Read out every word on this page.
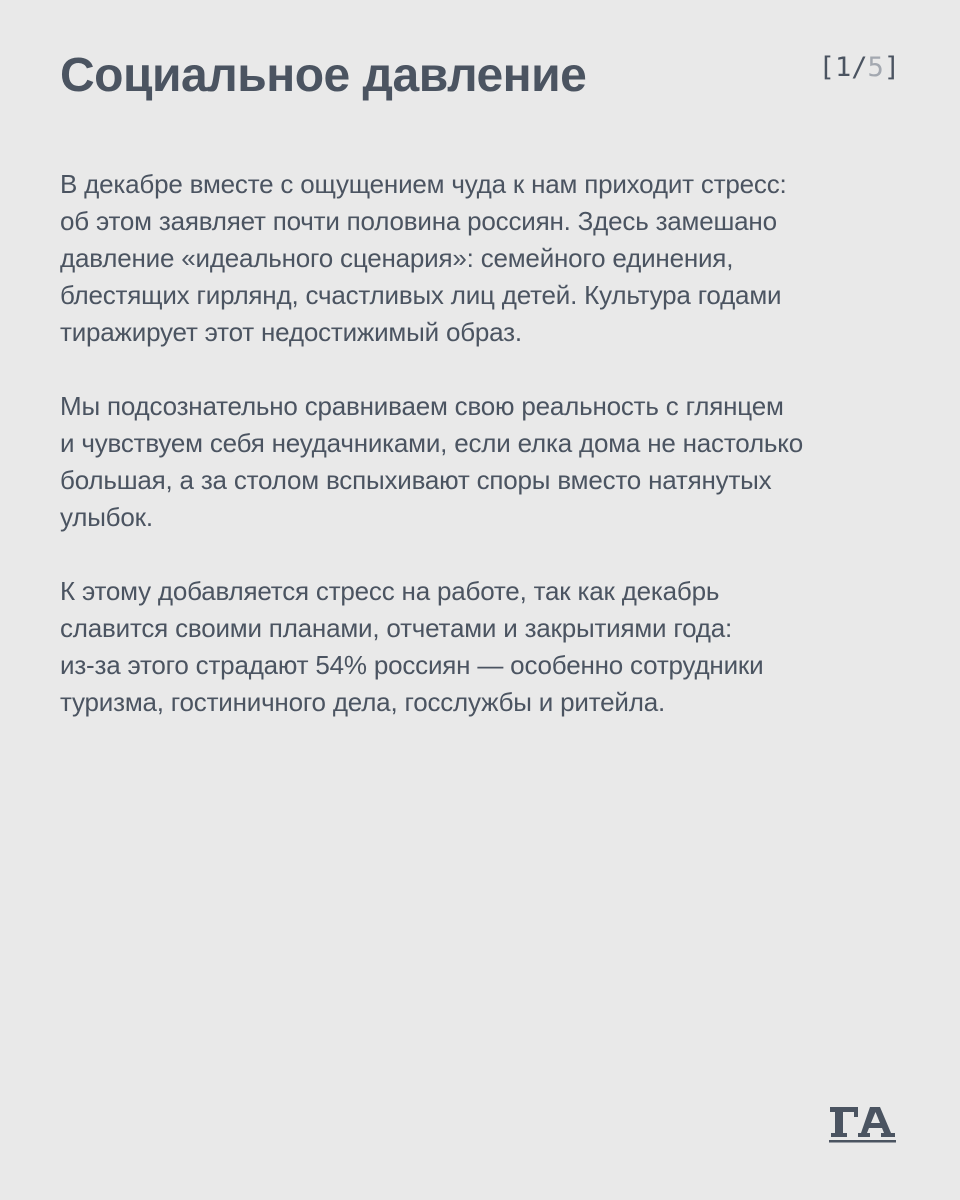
Социальное давление	[1/5]

В декабре вместе с ощущением чуда к нам приходит стресс:
об этом заявляет почти половина россиян. Здесь замешано
давление «идеального сценария»: семейного единения,
блестящих гирлянд, счастливых лиц детей. Культура годами
тиражирует этот недостижимый образ.

Мы подсознательно сравниваем свою реальность с глянцем
и чувствуем себя неудачниками, если елка дома не настолько
большая, а за столом вспыхивают споры вместо натянутых
улыбок.

К этому добавляется стресс на работе, так как декабрь
славится своими планами, отчетами и закрытиями года:
из-за этого страдают 54% россиян — особенно сотрудники
туризма, гостиничного дела, госслужбы и ритейла.
